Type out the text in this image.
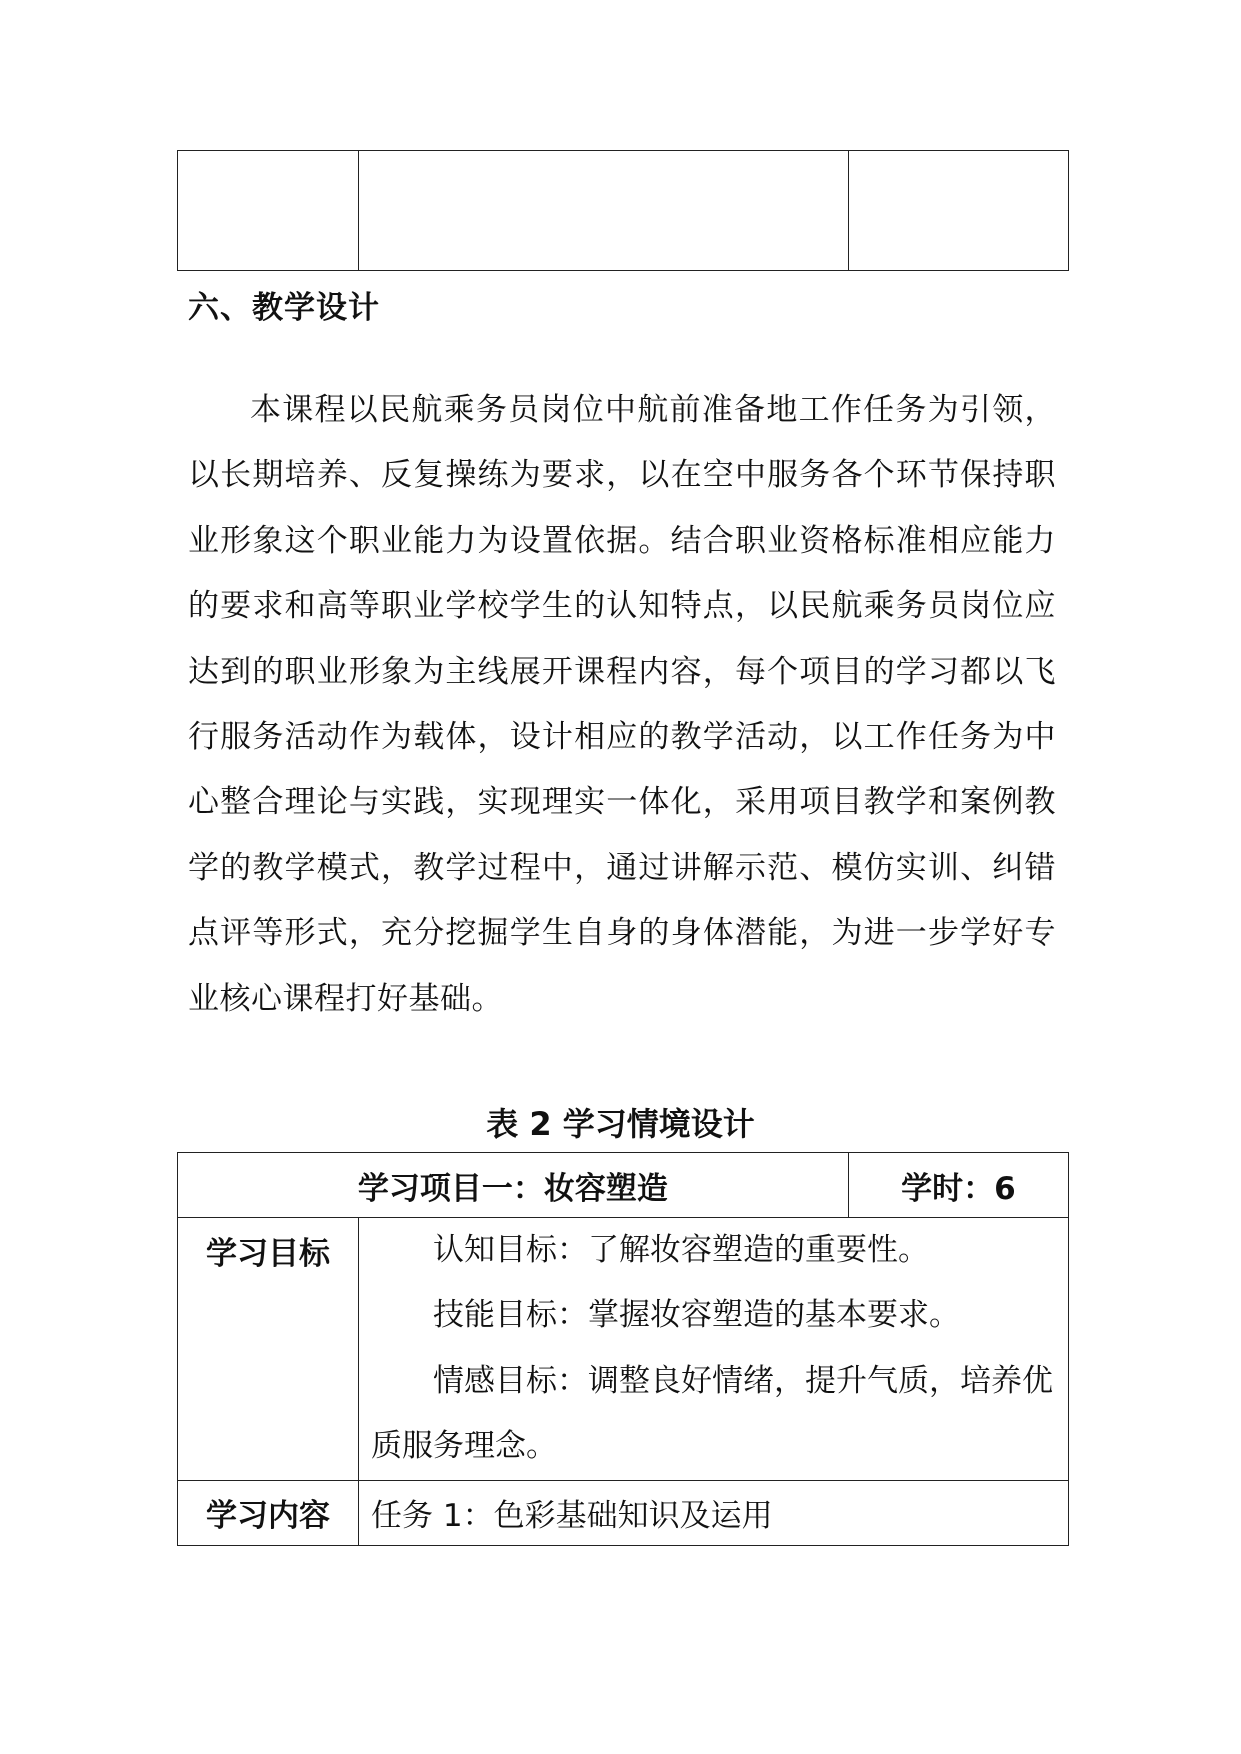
六、教学设计

本课程以民航乘务员岗位中航前准备地工作任务为引领，以长期培养、反复操练为要求，以在空中服务各个环节保持职业形象这个职业能力为设置依据。结合职业资格标准相应能力的要求和高等职业学校学生的认知特点，以民航乘务员岗位应达到的职业形象为主线展开课程内容，每个项目的学习都以飞行服务活动作为载体，设计相应的教学活动，以工作任务为中心整合理论与实践，实现理实一体化，采用项目教学和案例教学的教学模式，教学过程中，通过讲解示范、模仿实训、纠错点评等形式，充分挖掘学生自身的身体潜能，为进一步学好专业核心课程打好基础。

表 2 学习情境设计
学习项目一：妆容塑造		学时：6
学习目标	认知目标：了解妆容塑造的重要性。
技能目标：掌握妆容塑造的基本要求。
情感目标：调整良好情绪，提升气质，培养优质服务理念。	

学习内容	任务 1：色彩基础知识及运用	
